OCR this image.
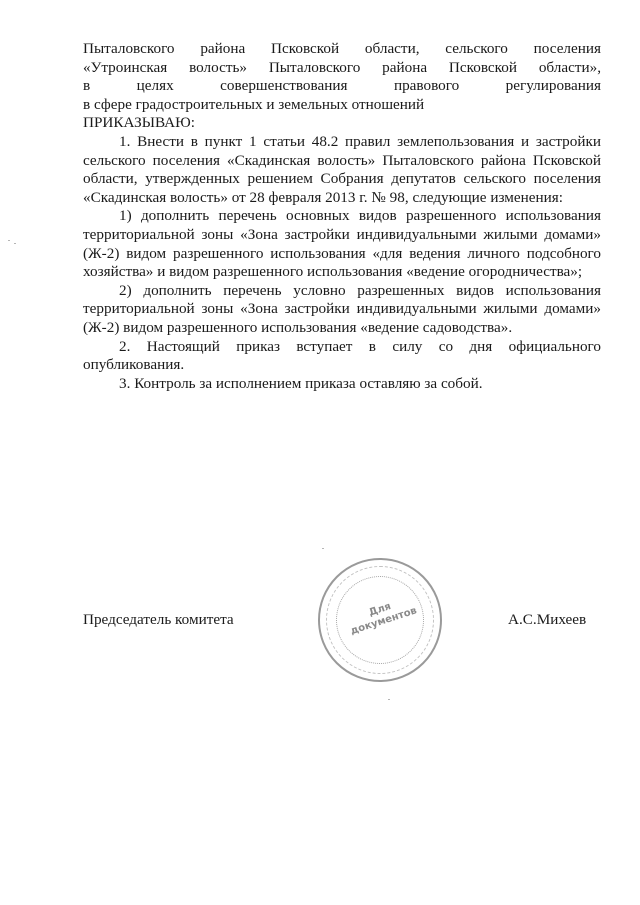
Пыталовского района Псковской области, сельского поселения

«Утроинская волость» Пыталовского района Псковской области»,

в целях совершенствования правового регулирования

в сфере градостроительных и земельных отношений

ПРИКАЗЫВАЮ:

1. Внести в пункт 1 статьи 48.2 правил землепользования и застройки сельского поселения «Скадинская волость» Пыталовского района Псковской области, утвержденных решением Собрания депутатов сельского поселения «Скадинская волость» от 28 февраля 2013 г. № 98, следующие изменения:

1) дополнить перечень основных видов разрешенного использования территориальной зоны «Зона застройки индивидуальными жилыми домами» (Ж-2) видом разрешенного использования «для ведения личного подсобного хозяйства» и видом разрешенного использования «ведение огородничества»;

2) дополнить перечень условно разрешенных видов использования территориальной зоны «Зона застройки индивидуальными жилыми домами» (Ж-2) видом разрешенного использования «ведение садоводства».

2. Настоящий приказ вступает в силу со дня официального опубликования.

3. Контроль за исполнением приказа оставляю за собой.

Для документов
Председатель комитета	А.С.Михеев
